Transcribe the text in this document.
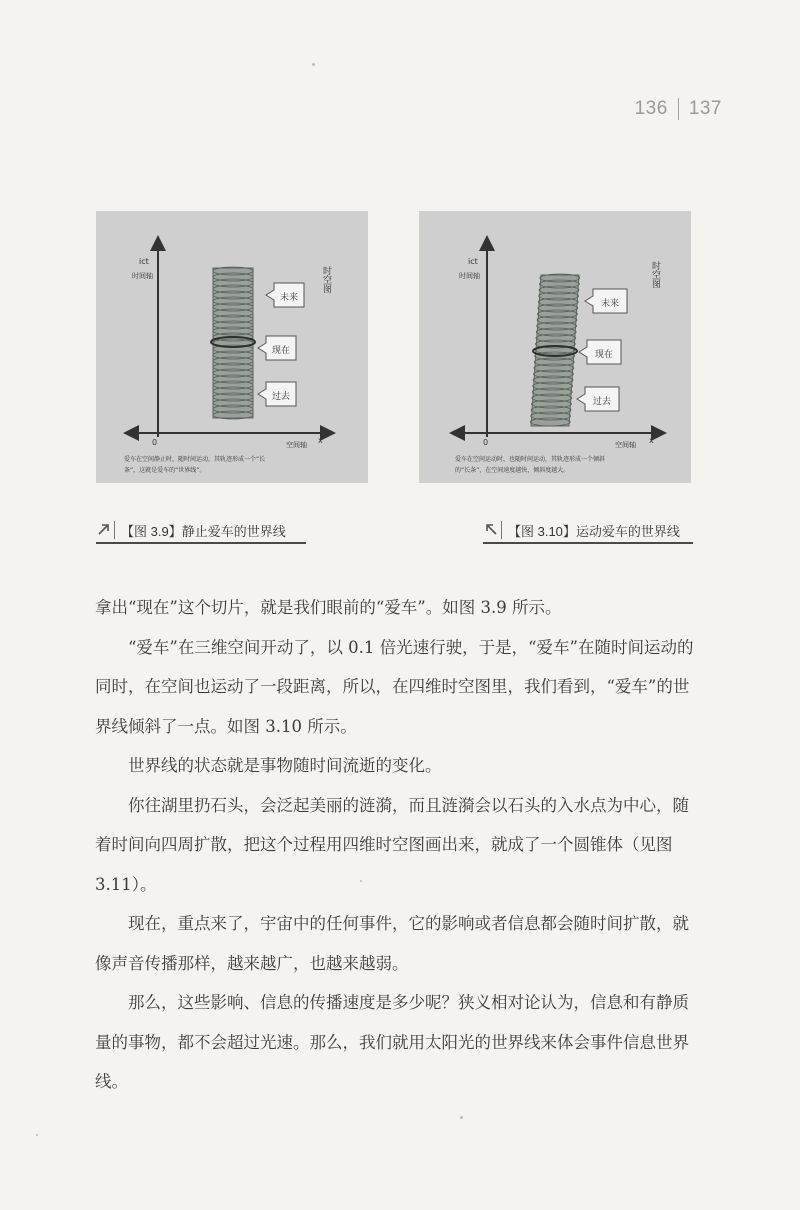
136 137
未来
现在
过去
ict
时间轴	时空图
0	空间轴 x
爱车在空间静止时，随时间运动，其轨迹形成一个“长
条”，这就是爱车的“世界线”。
未来
现在
过去
ict
时间轴	时空图
0	空间轴 x
爱车在空间运动时，也随时间运动，其轨迹形成一个倾斜
的“长条”，在空间速度越快，倾斜度越大。
【图 3.9】 静止爱车的世界线	【图 3.10】 运动爱车的世界线

拿出“现在”这个切片，就是我们眼前的“爱车”。如图 3.9 所示。

“爱车”在三维空间开动了，以 0.1 倍光速行驶，于是，“爱车”在随时间运动的同时，在空间也运动了一段距离，所以，在四维时空图里，我们看到，“爱车”的世界线倾斜了一点。如图 3.10 所示。

世界线的状态就是事物随时间流逝的变化。

你往湖里扔石头，会泛起美丽的涟漪，而且涟漪会以石头的入水点为中心，随着时间向四周扩散，把这个过程用四维时空图画出来，就成了一个圆锥体（见图 3.11）。

现在，重点来了，宇宙中的任何事件，它的影响或者信息都会随时间扩散，就像声音传播那样，越来越广，也越来越弱。

那么，这些影响、信息的传播速度是多少呢？狭义相对论认为，信息和有静质量的事物，都不会超过光速。那么，我们就用太阳光的世界线来体会事件信息世界线。
